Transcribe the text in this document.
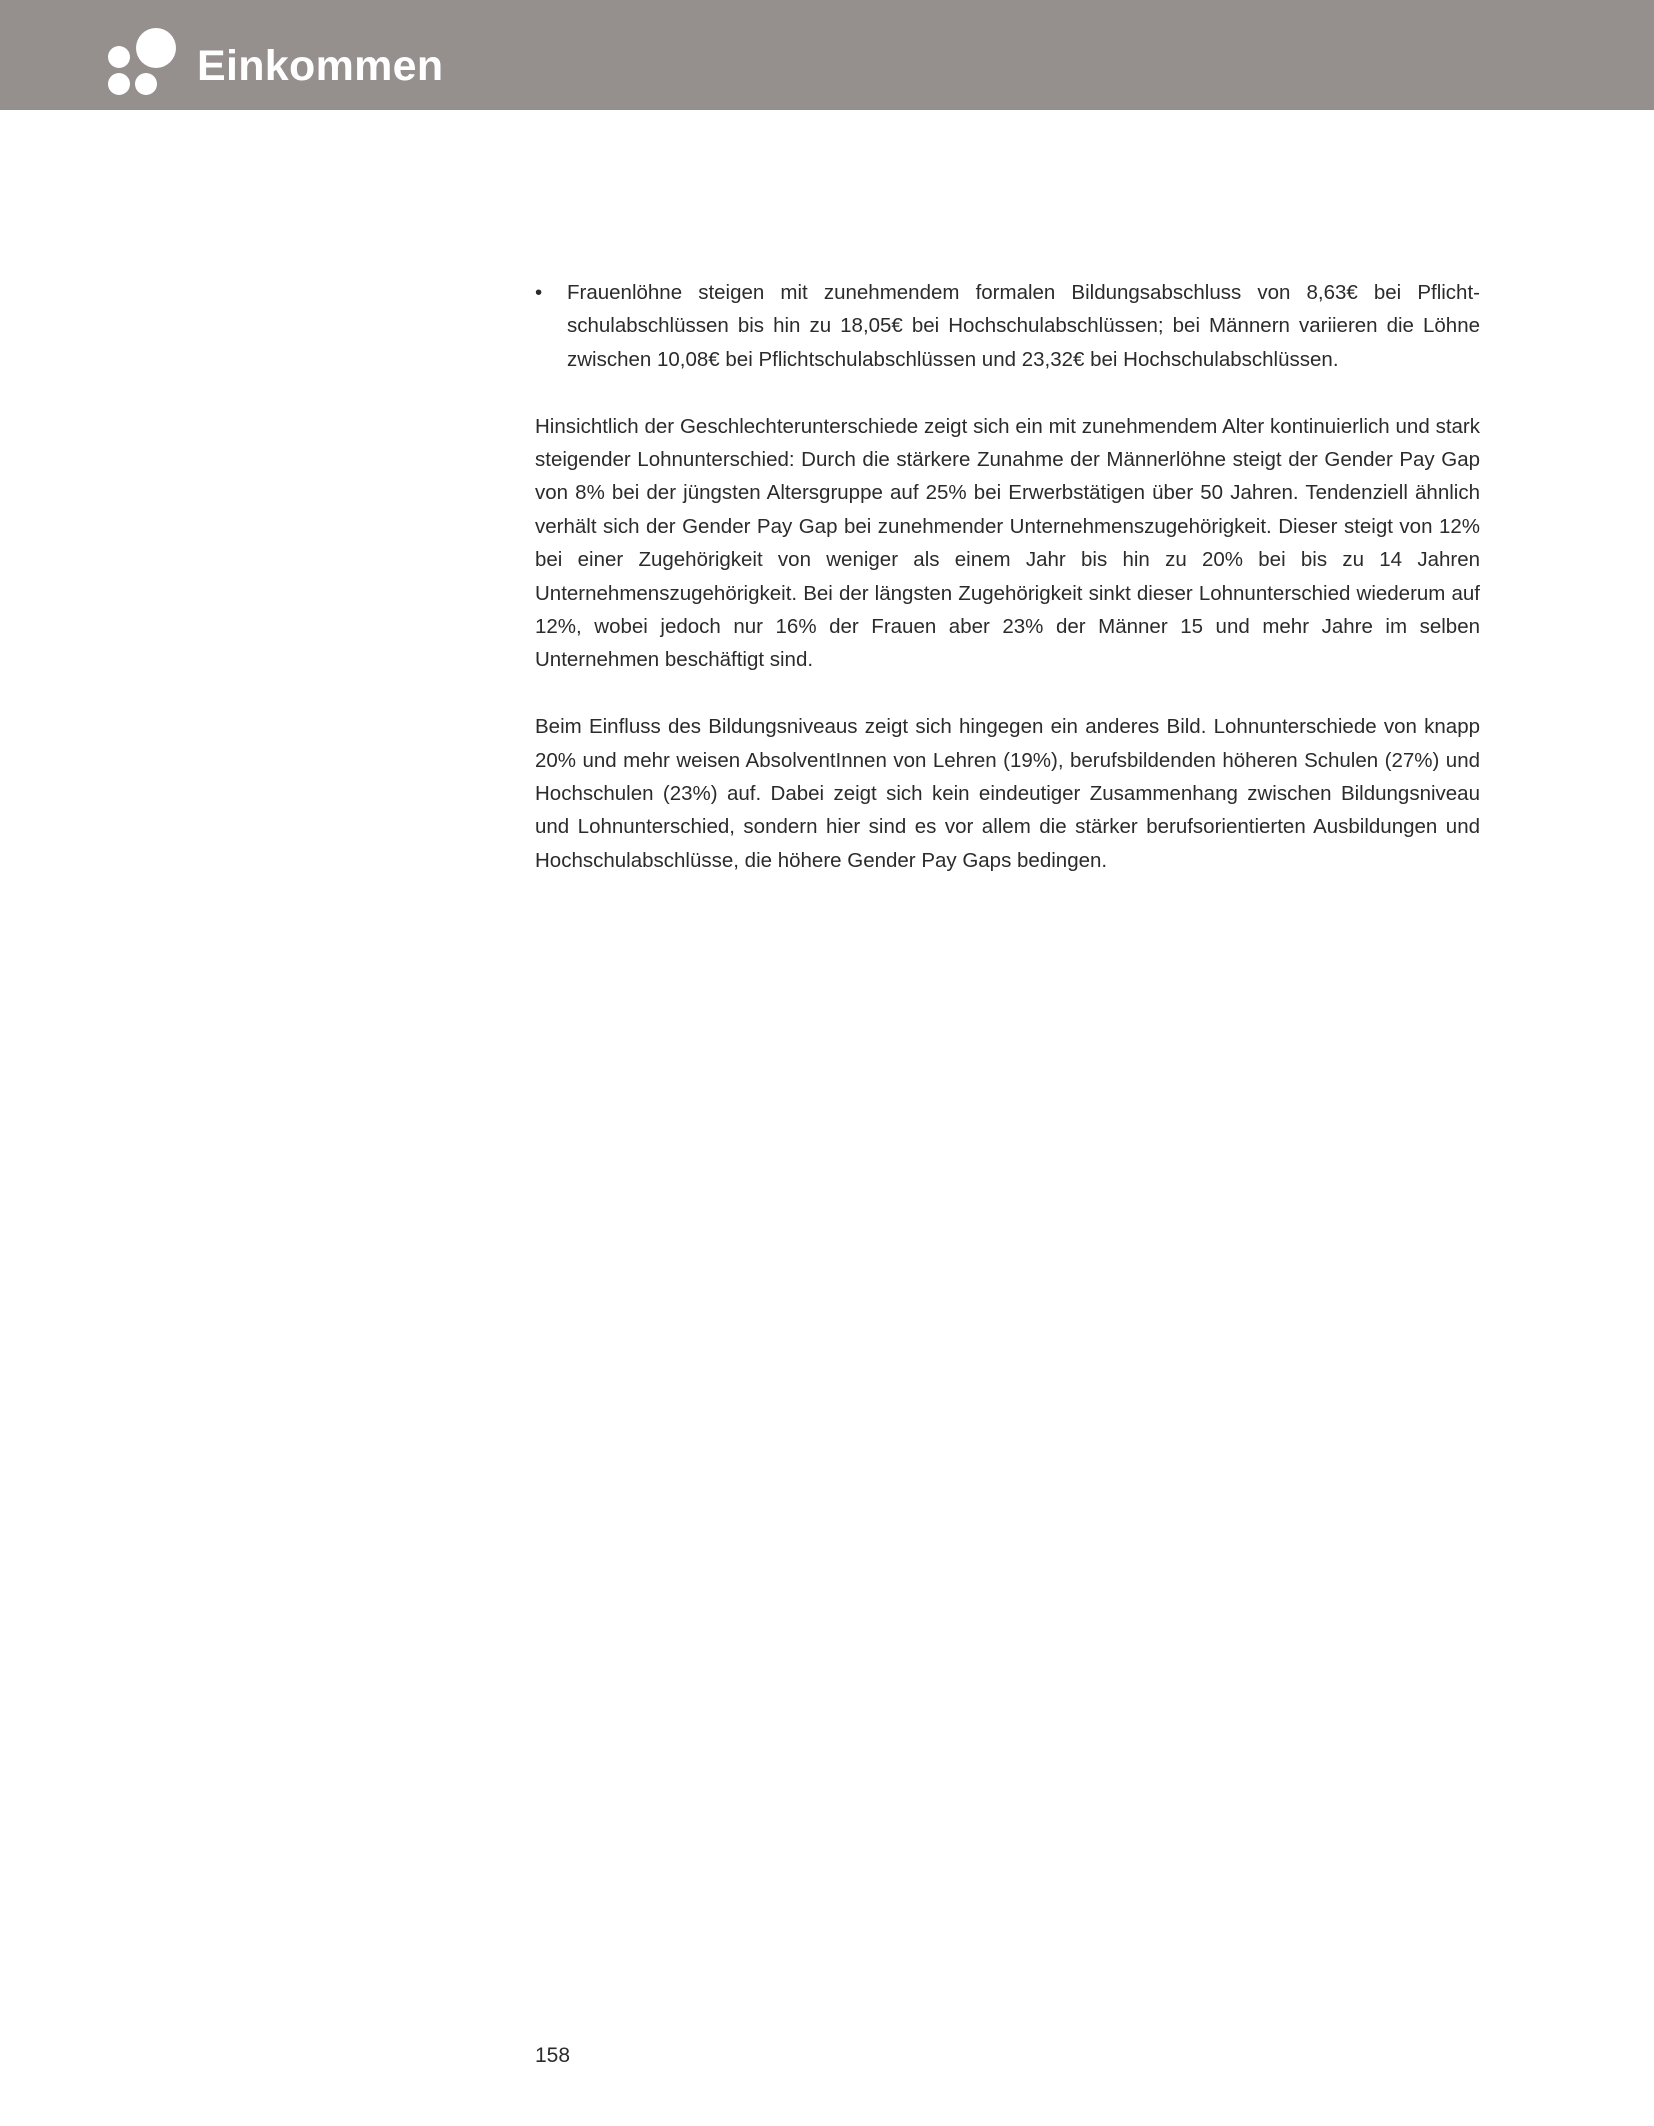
Einkommen
• Frauenlöhne steigen mit zunehmendem formalen Bildungsabschluss von 8,63€ bei Pflichtschulabschlüssen bis hin zu 18,05€ bei Hochschulabschlüssen; bei Männern variieren die Löhne zwischen 10,08€ bei Pflichtschulabschlüssen und 23,32€ bei Hochschulabschlüssen.

Hinsichtlich der Geschlechterunterschiede zeigt sich ein mit zunehmendem Alter kontinuierlich und stark steigender Lohnunterschied: Durch die stärkere Zunahme der Männerlöhne steigt der Gender Pay Gap von 8% bei der jüngsten Altersgruppe auf 25% bei Erwerbstätigen über 50 Jahren. Tendenziell ähnlich verhält sich der Gender Pay Gap bei zunehmender Unternehmenszugehörigkeit. Dieser steigt von 12% bei einer Zugehörigkeit von weniger als einem Jahr bis hin zu 20% bei bis zu 14 Jahren Unternehmenszugehörigkeit. Bei der längsten Zugehörigkeit sinkt dieser Lohnunterschied wiederum auf 12%, wobei jedoch nur 16% der Frauen aber 23% der Männer 15 und mehr Jahre im selben Unternehmen beschäftigt sind.

Beim Einfluss des Bildungsniveaus zeigt sich hingegen ein anderes Bild. Lohnunterschiede von knapp 20% und mehr weisen AbsolventInnen von Lehren (19%), berufsbildenden höheren Schulen (27%) und Hochschulen (23%) auf. Dabei zeigt sich kein eindeutiger Zusammenhang zwischen Bildungsniveau und Lohnunterschied, sondern hier sind es vor allem die stärker berufsorientierten Ausbildungen und Hochschulabschlüsse, die höhere Gender Pay Gaps bedingen.

158
